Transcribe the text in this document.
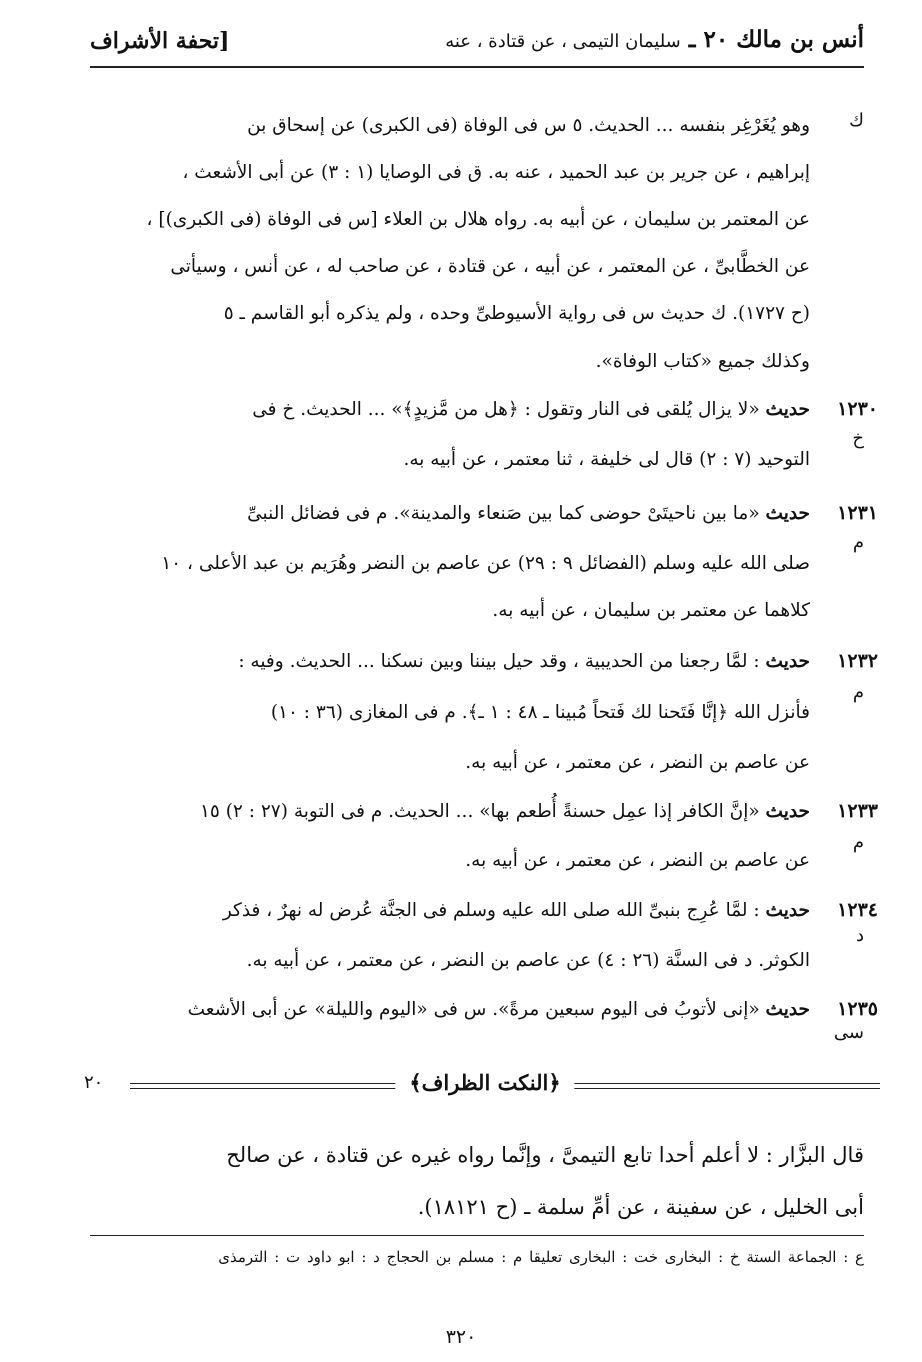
أنس بن مالك ٢٠ ـ سليمان التيمى ، عن قتادة ، عنه
[تحفة الأشراف
ك
وهو يُغَرْغِر بنفسه ... الحديث. ٥ س فى الوفاة (فى الكبرى) عن إسحاق بن
إبراهيم ، عن جرير بن عبد الحميد ، عنه به. ق فى الوصايا (١ : ٣) عن أبى الأشعث ،
عن المعتمر بن سليمان ، عن أبيه به. رواه هلال بن العلاء [س فى الوفاة (فى الكبرى)] ،
عن الخطَّابىِّ ، عن المعتمر ، عن أبيه ، عن قتادة ، عن صاحب له ، عن أنس ، وسيأتى
(ح ١٧٢٧). ك حديث س فى رواية الأسيوطىِّ وحده ، ولم يذكره أبو القاسم ـ ٥
وكذلك جميع «كتاب الوفاة».
١٢٣٠
خ
حديث «لا يزال يُلقى فى النار وتقول : ﴿هل من مَّزيدٍ﴾» ... الحديث. خ فى
التوحيد (٧ : ٢) قال لى خليفة ، ثنا معتمر ، عن أبيه به.
١٢٣١
م
حديث «ما بين ناحيتَىْ حوضى كما بين صَنعاء والمدينة». م فى فضائل النبىِّ
صلى الله عليه وسلم (الفضائل ٩ : ٢٩) عن عاصم بن النضر وهُرَيم بن عبد الأعلى ، ١٠
كلاهما عن معتمر بن سليمان ، عن أبيه به.
١٢٣٢
م
حديث : لمَّا رجعنا من الحديبية ، وقد حيل بيننا وبين نسكنا ... الحديث. وفيه :
فأنزل الله ﴿إنَّا فَتَحنا لك فَتحاً مُبينا ـ ٤٨ : ١ ـ﴾. م فى المغازى (٣٦ : ١٠)
عن عاصم بن النضر ، عن معتمر ، عن أبيه به.
١٢٣٣
م
حديث «إنَّ الكافر إذا عمِل حسنةً أُطعم بها» ... الحديث. م فى التوبة (٢٧ : ٢) ١٥
عن عاصم بن النضر ، عن معتمر ، عن أبيه به.
١٢٣٤
د
حديث : لمَّا عُرِج بنبىِّ الله صلى الله عليه وسلم فى الجنَّة عُرض له نهرٌ ، فذكر
الكوثر. د فى السنَّة (٢٦ : ٤) عن عاصم بن النضر ، عن معتمر ، عن أبيه به.
١٢٣٥
سى
حديث «إنى لأتوبُ فى اليوم سبعين مرةً». س فى «اليوم والليلة» عن أبى الأشعث
﴿النكت الظراف﴾
٢٠
قال البزَّار : لا أعلم أحدا تابع التيمىَّ ، وإنَّما رواه غيره عن قتادة ، عن صالح
أبى الخليل ، عن سفينة ، عن أمِّ سلمة ـ (ح ١٨١٢١).
ع : الجماعة الستة خ : البخارى خت : البخارى تعليقا م : مسلم بن الحجاج د : ابو داود ت : الترمذى
٣٢٠
